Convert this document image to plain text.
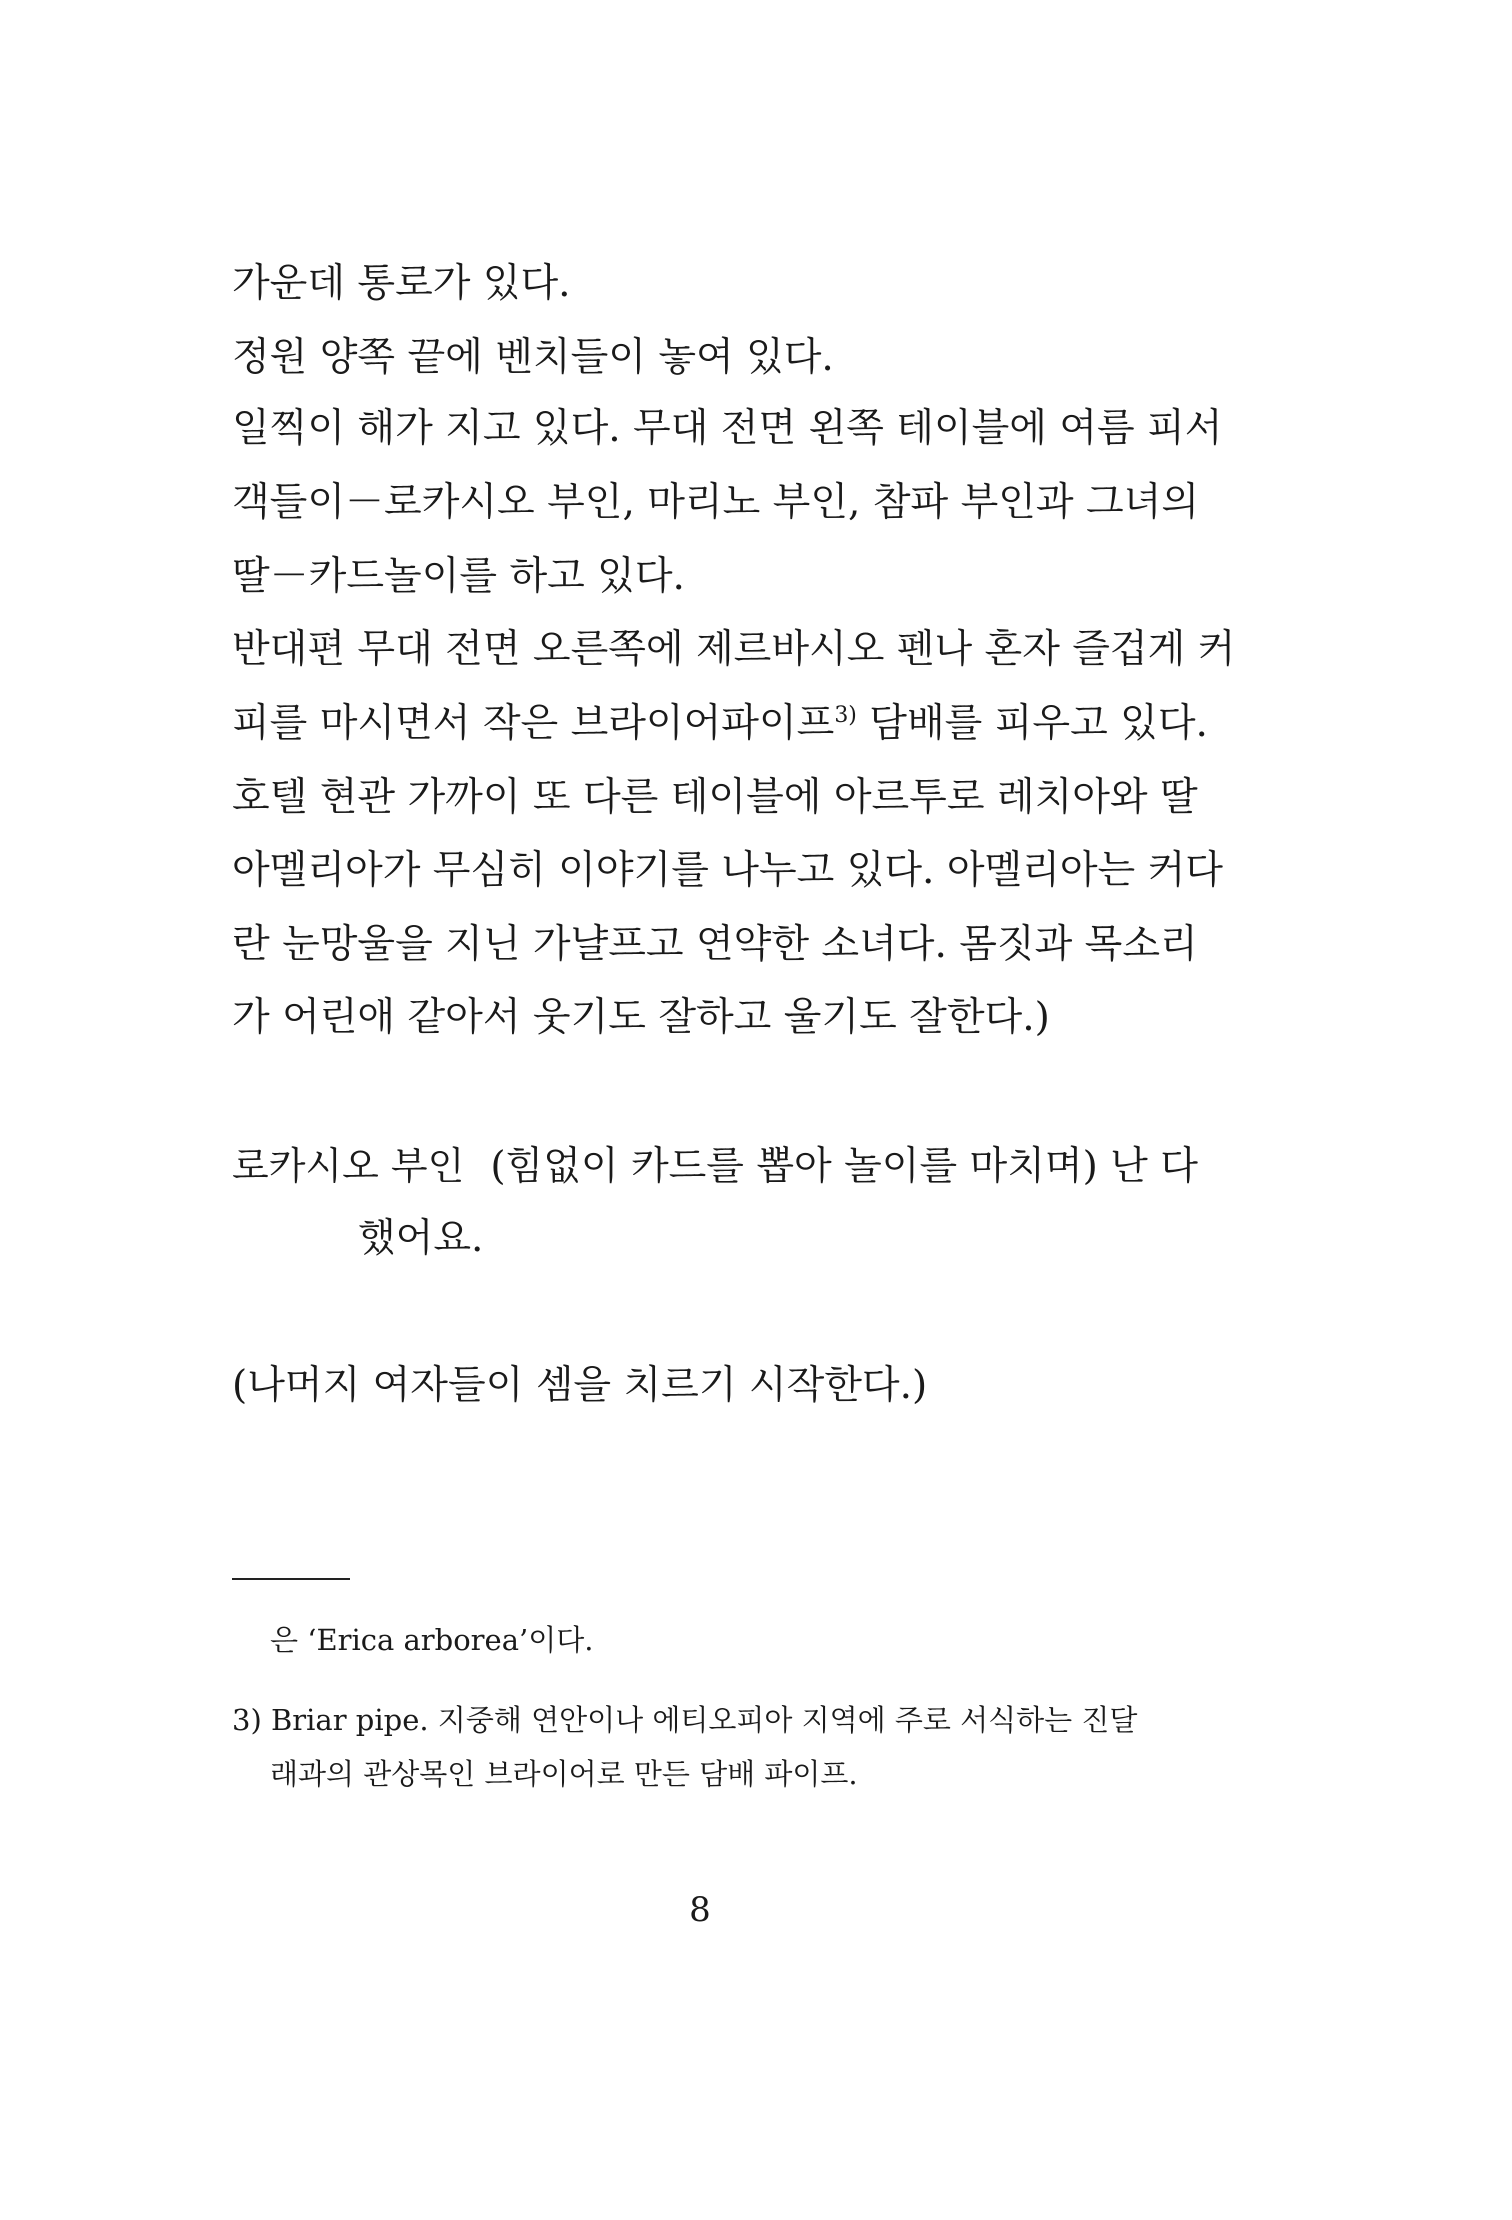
가운데 통로가 있다.
정원 양쪽 끝에 벤치들이 놓여 있다.
일찍이 해가 지고 있다. 무대 전면 왼쪽 테이블에 여름 피서
객들이－로카시오 부인, 마리노 부인, 참파 부인과 그녀의
딸－카드놀이를 하고 있다.
반대편 무대 전면 오른쪽에 제르바시오 펜나 혼자 즐겁게 커
피를 마시면서 작은 브라이어파이프$^{3)}$ 담배를 피우고 있다.
호텔 현관 가까이 또 다른 테이블에 아르투로 레치아와 딸
아멜리아가 무심히 이야기를 나누고 있다. 아멜리아는 커다
란 눈망울을 지닌 가냘프고 연약한 소녀다. 몸짓과 목소리
가 어린애 같아서 웃기도 잘하고 울기도 잘한다.)
로카시오 부인 (힘없이 카드를 뽑아 놀이를 마치며) 난 다
했어요.
(나머지 여자들이 셈을 치르기 시작한다.)
은 ‘Erica arborea’이다.
3) Briar pipe. 지중해 연안이나 에티오피아 지역에 주로 서식하는 진달
래과의 관상목인 브라이어로 만든 담배 파이프.
8
